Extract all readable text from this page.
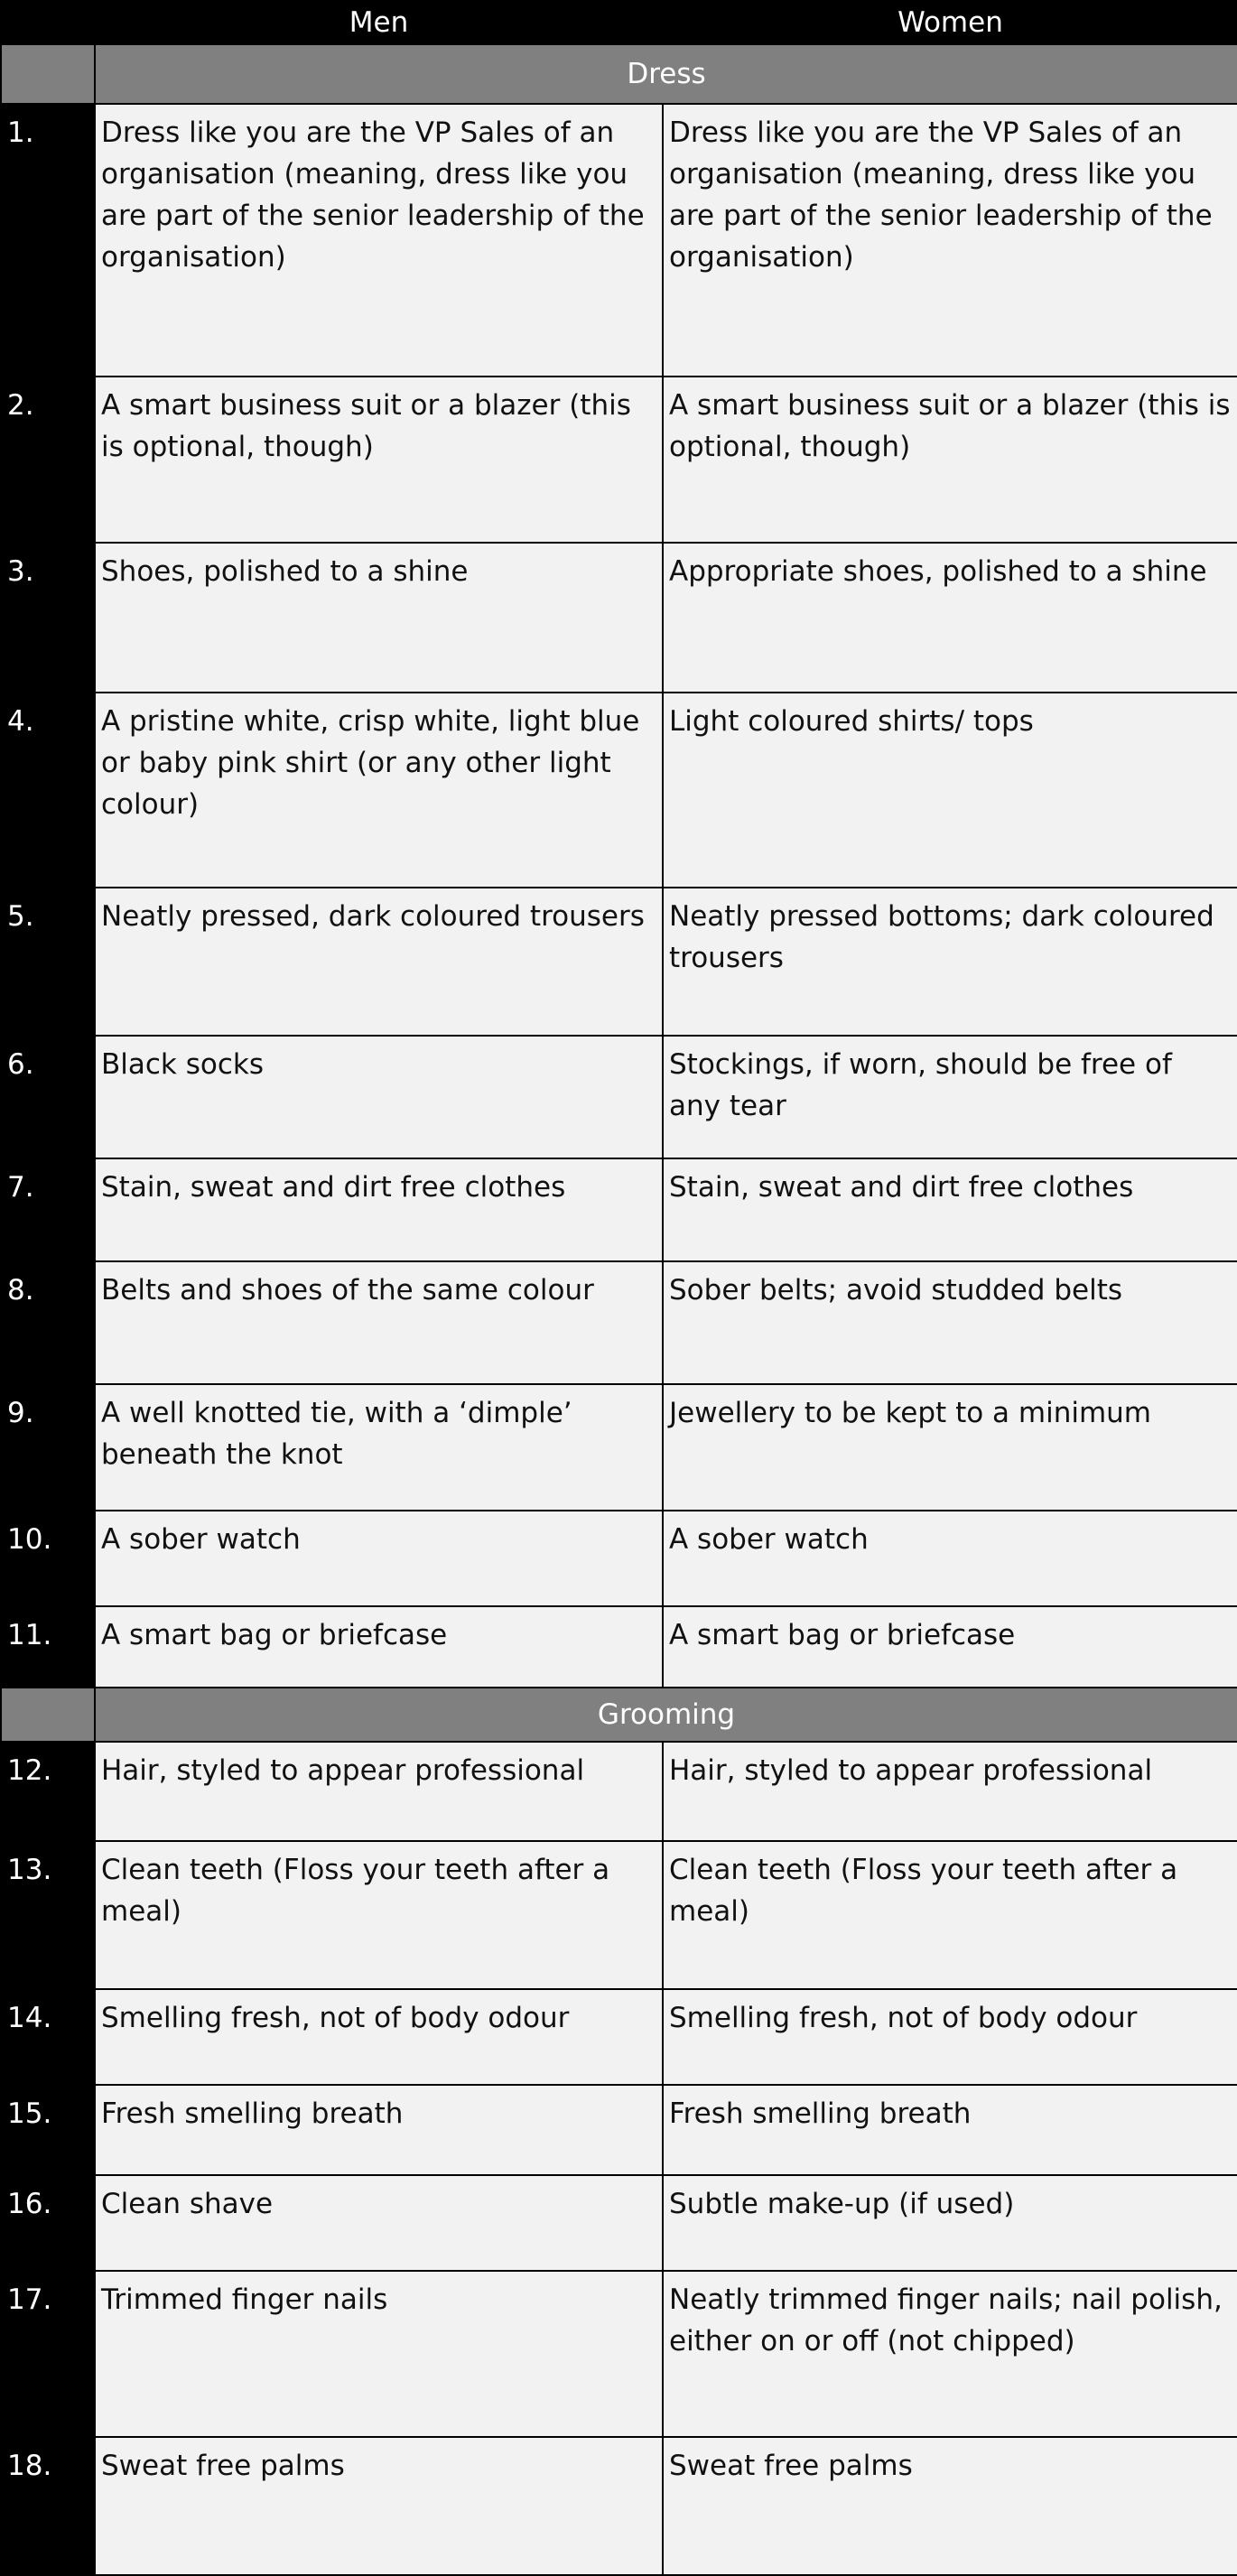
	Men	Women
	Dress	
1.	Dress like you are the VP Sales of an organisation (meaning, dress like you are part of the senior leadership of the organisation)	Dress like you are the VP Sales of an organisation (meaning, dress like you are part of the senior leadership of the organisation)
2.	A smart business suit or a blazer (this is optional, though)	A smart business suit or a blazer (this is optional, though)
3.	Shoes, polished to a shine	Appropriate shoes, polished to a shine
4.	A pristine white, crisp white, light blue or baby pink shirt (or any other light colour)	Light coloured shirts/ tops
5.	Neatly pressed, dark coloured trousers	Neatly pressed bottoms; dark coloured trousers
6.	Black socks	Stockings, if worn, should be free of any tear
7.	Stain, sweat and dirt free clothes	Stain, sweat and dirt free clothes
8.	Belts and shoes of the same colour	Sober belts; avoid studded belts
9.	A well knotted tie, with a ‘dimple’ beneath the knot	Jewellery to be kept to a minimum
10.	A sober watch	A sober watch
11.	A smart bag or briefcase	A smart bag or briefcase
	Grooming	
12.	Hair, styled to appear professional	Hair, styled to appear professional
13.	Clean teeth (Floss your teeth after a meal)	Clean teeth (Floss your teeth after a meal)
14.	Smelling fresh, not of body odour	Smelling fresh, not of body odour
15.	Fresh smelling breath	Fresh smelling breath
16.	Clean shave	Subtle make-up (if used)
17.	Trimmed finger nails	Neatly trimmed finger nails; nail polish, either on or off (not chipped)
18.	Sweat free palms	Sweat free palms
